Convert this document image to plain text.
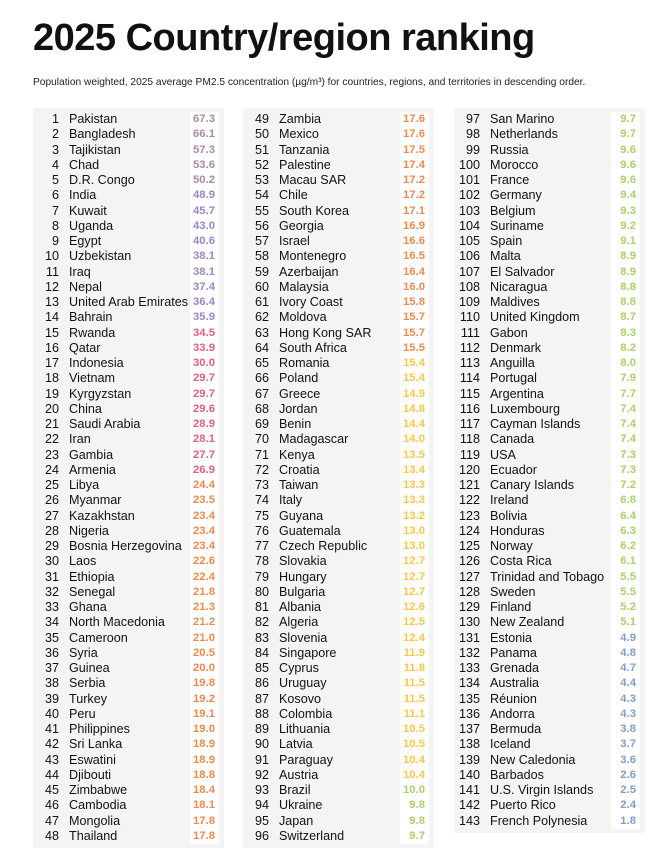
2025 Country/region ranking
Population weighted, 2025 average PM2.5 concentration (µg/m³) for countries, regions, and territories in descending order.
1 Pakistan	67.3
2 Bangladesh	66.1
3 Tajikistan	57.3
4 Chad	53.6
5 D.R. Congo	50.2
6 India	48.9
7 Kuwait	45.7
8 Uganda	43.0
9 Egypt	40.6
10 Uzbekistan	38.1
11 Iraq	38.1
12 Nepal	37.4
13 United Arab Emirates 36.4
14 Bahrain	35.9
15 Rwanda	34.5
16 Qatar	33.9
17 Indonesia	30.0
18 Vietnam	29.7
19 Kyrgyzstan	29.7
20 China	29.6
21 Saudi Arabia	28.9
22 Iran	28.1
23 Gambia	27.7
24 Armenia	26.9
25 Libya	24.4
26 Myanmar	23.5
27 Kazakhstan	23.4
28 Nigeria	23.4
29 Bosnia Herzegovina 23.4
30 Laos	22.6
31 Ethiopia	22.4
32 Senegal	21.8
33 Ghana	21.3
34 North Macedonia 21.2
35 Cameroon	21.0
36 Syria	20.5
37 Guinea	20.0
38 Serbia	19.8
39 Turkey	19.2
40 Peru	19.1
41 Philippines	19.0
42 Sri Lanka	18.9
43 Eswatini	18.9
44 Djibouti	18.8
45 Zimbabwe	18.4
46 Cambodia	18.1
47 Mongolia	17.8
48 Thailand	17.8
49 Zambia	17.6
50 Mexico	17.6
51 Tanzania	17.5
52 Palestine	17.4
53 Macau SAR	17.2
54 Chile	17.2
55 South Korea	17.1
56 Georgia	16.9
57 Israel	16.6
58 Montenegro	16.5
59 Azerbaijan	16.4
60 Malaysia	16.0
61 Ivory Coast	15.8
62 Moldova	15.7
63 Hong Kong SAR	15.7
64 South Africa	15.5
65 Romania	15.4
66 Poland	15.4
67 Greece	14.9
68 Jordan	14.8
69 Benin	14.4
70 Madagascar	14.0
71 Kenya	13.5
72 Croatia	13.4
73 Taiwan	13.3
74 Italy	13.3
75 Guyana	13.2
76 Guatemala	13.0
77 Czech Republic	13.0
78 Slovakia	12.7
79 Hungary	12.7
80 Bulgaria	12.7
81 Albania	12.6
82 Algeria	12.5
83 Slovenia	12.4
84 Singapore	11.9
85 Cyprus	11.8
86 Uruguay	11.5
87 Kosovo	11.5
88 Colombia	11.1
89 Lithuania	10.5
90 Latvia	10.5
91 Paraguay	10.4
92 Austria	10.4
93 Brazil	10.0
94 Ukraine	9.8
95 Japan	9.8
96 Switzerland	9.7
97 San Marino	9.7
98 Netherlands	9.7
99 Russia	9.6
100 Morocco	9.6
101 France	9.6
102 Germany	9.4
103 Belgium	9.3
104 Suriname	9.2
105 Spain	9.1
106 Malta	8.9
107 El Salvador	8.9
108 Nicaragua	8.8
109 Maldives	8.8
110 United Kingdom	8.7
111 Gabon	8.3
112 Denmark	8.2
113 Anguilla	8.0
114 Portugal	7.9
115 Argentina	7.7
116 Luxembourg	7.4
117 Cayman Islands	7.4
118 Canada	7.4
119 USA	7.3
120 Ecuador	7.3
121 Canary Islands	7.2
122 Ireland	6.8
123 Bolivia	6.4
124 Honduras	6.3
125 Norway	6.2
126 Costa Rica	6.1
127 Trinidad and Tobago	5.5
128 Sweden	5.5
129 Finland	5.2
130 New Zealand	5.1
131 Estonia	4.9
132 Panama	4.8
133 Grenada	4.7
134 Australia	4.4
135 Réunion	4.3
136 Andorra	4.3
137 Bermuda	3.8
138 Iceland	3.7
139 New Caledonia	3.6
140 Barbados	2.6
141 U.S. Virgin Islands	2.5
142 Puerto Rico	2.4
143 French Polynesia	1.8
